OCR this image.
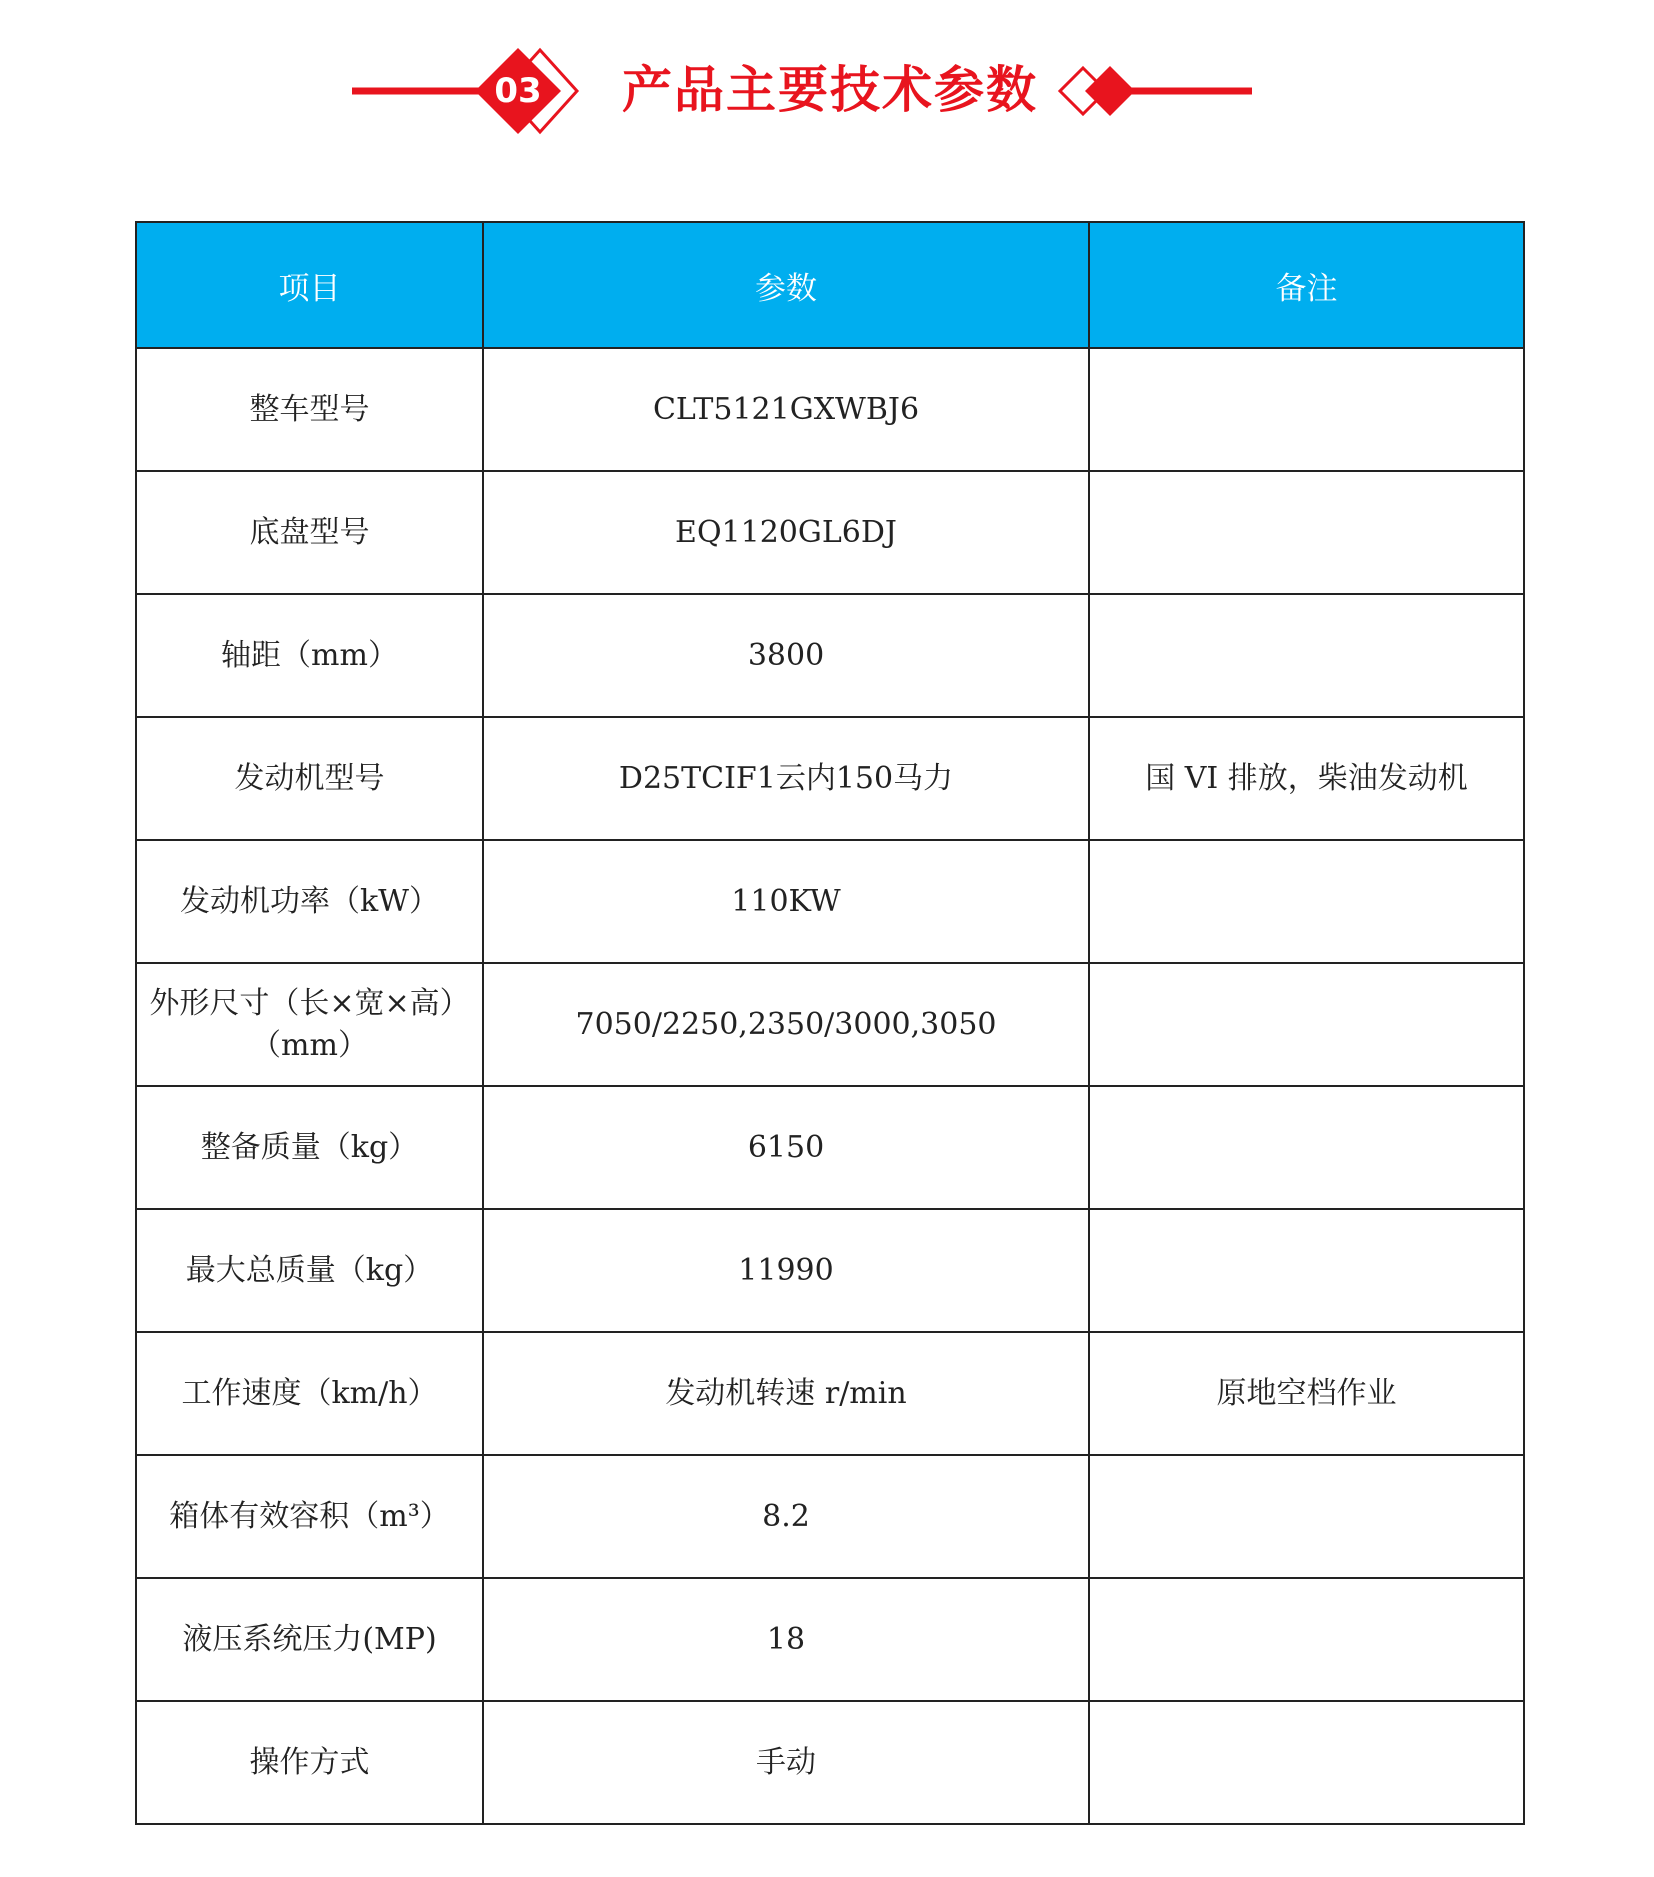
03	产品主要技术参数
项目	参数	备注
整车型号	CLT5121GXWBJ6	
底盘型号	EQ1120GL6DJ	
轴距（mm）	3800	
发动机型号	D25TCIF1云内150马力	国 VI 排放，柴油发动机
发动机功率（kW）	110KW	
外形尺寸（长×宽×高）（mm）	7050/2250,2350/3000,3050	
整备质量（kg）	6150	
最大总质量（kg）	11990	
工作速度（km/h）	发动机转速 r/min	原地空档作业
箱体有效容积（m³）	8.2	
液压系统压力(MP)	18	
操作方式	手动	
